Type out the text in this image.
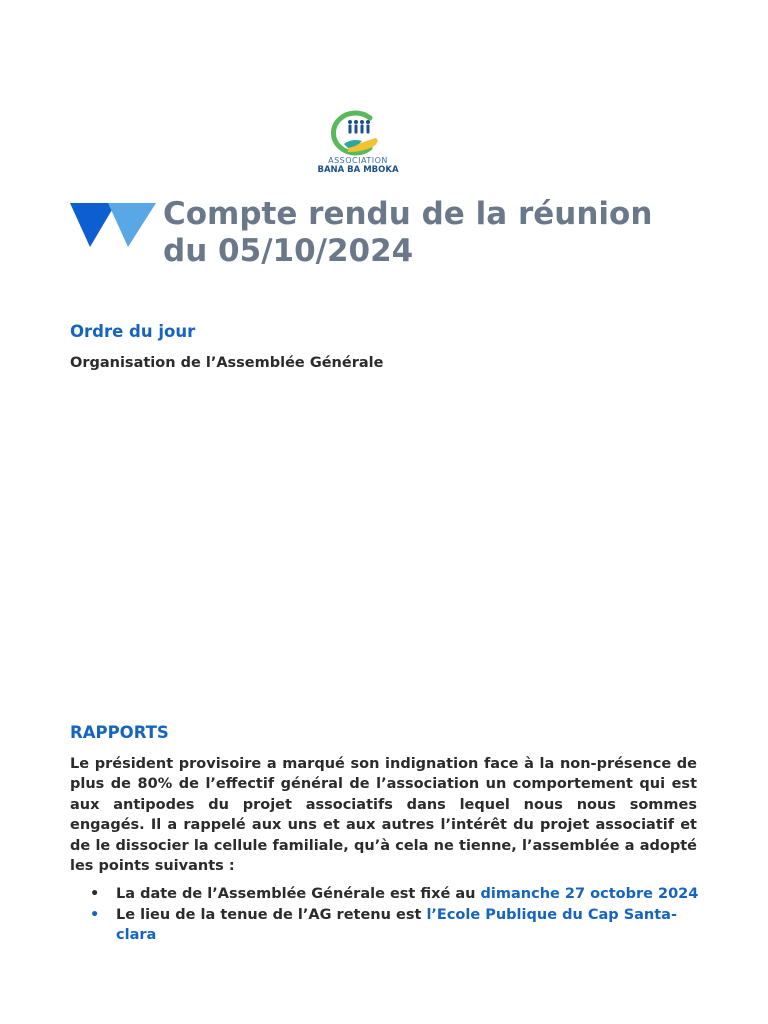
ASSOCIATION
BANA BA MBOKA
Compte rendu de la réunion
du 05/10/2024
Ordre du jour
Organisation de l’Assemblée Générale
RAPPORTS

Le président provisoire a marqué son indignation face à la non-présence de plus de 80% de l’effectif général de l’association un comportement qui est aux antipodes du projet associatifs dans lequel nous nous sommes engagés. Il a rappelé aux uns et aux autres l’intérêt du projet associatif et de le dissocier la cellule familiale, qu’à cela ne tienne, l’assemblée a adopté les points suivants :

• La date de l’Assemblée Générale est fixé au dimanche 27 octobre 2024
• Le lieu de la tenue de l’AG retenu est l’Ecole Publique du Cap Santa-clara
